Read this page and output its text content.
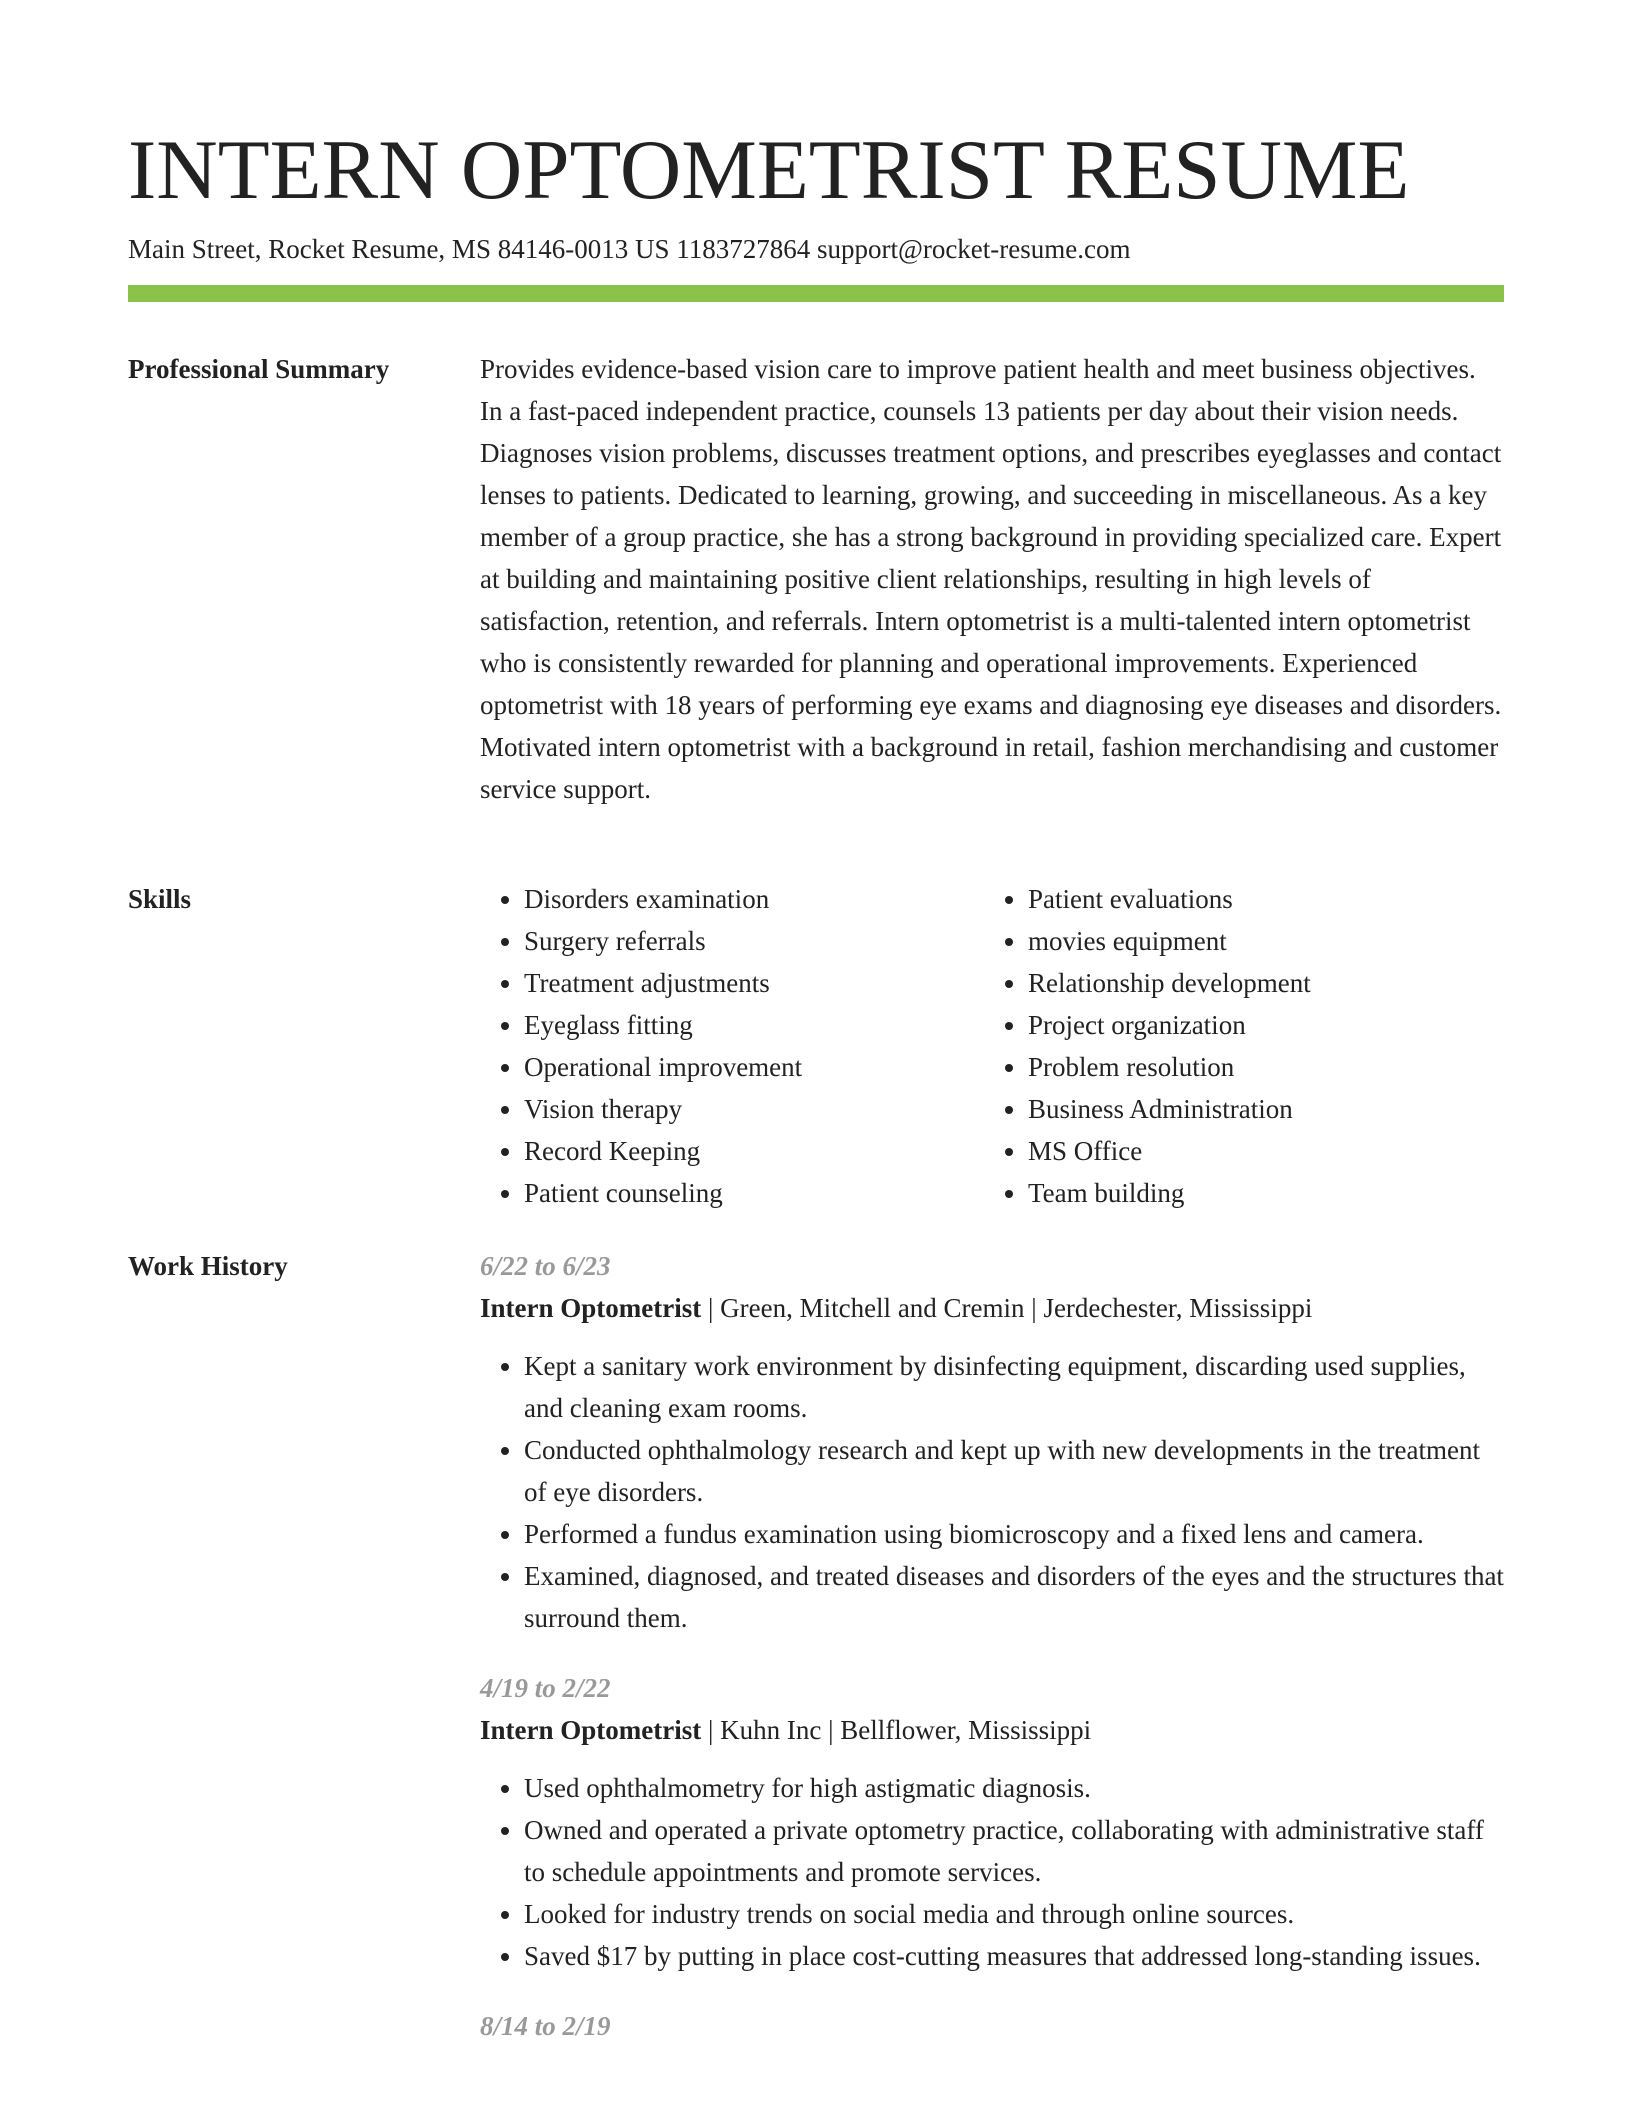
INTERN OPTOMETRIST RESUME
Main Street, Rocket Resume, MS 84146-0013 US 1183727864 support@rocket-resume.com
Professional Summary	Provides evidence-based vision care to improve patient health and meet business objectives. In a fast-paced independent practice, counsels 13 patients per day about their vision needs. Diagnoses vision problems, discusses treatment options, and prescribes eyeglasses and contact lenses to patients. Dedicated to learning, growing, and succeeding in miscellaneous. As a key member of a group practice, she has a strong background in providing specialized care. Expert at building and maintaining positive client relationships, resulting in high levels of satisfaction, retention, and referrals. Intern optometrist is a multi-talented intern optometrist who is consistently rewarded for planning and operational improvements. Experienced optometrist with 18 years of performing eye exams and diagnosing eye diseases and disorders. Motivated intern optometrist with a background in retail, fashion merchandising and customer service support.

Skills
•	Disorders examination
• Surgery referrals
• Treatment adjustments
• Eyeglass fitting
• Operational improvement
• Vision therapy
• Record Keeping
• Patient counseling
• Patient evaluations
• movies equipment
• Relationship development
• Project organization
• Problem resolution
• Business Administration
• MS Office
• Team building
Work History	6/22 to 6/23
Intern Optometrist | Green, Mitchell and Cremin | Jerdechester, Mississippi
• Kept a sanitary work environment by disinfecting equipment, discarding used supplies, and cleaning exam rooms.
• Conducted ophthalmology research and kept up with new developments in the treatment of eye disorders.
• Performed a fundus examination using biomicroscopy and a fixed lens and camera.
• Examined, diagnosed, and treated diseases and disorders of the eyes and the structures that surround them.
4/19 to 2/22
Intern Optometrist | Kuhn Inc | Bellflower, Mississippi
• Used ophthalmometry for high astigmatic diagnosis.
• Owned and operated a private optometry practice, collaborating with administrative staff to schedule appointments and promote services.
• Looked for industry trends on social media and through online sources.
• Saved $17 by putting in place cost-cutting measures that addressed long-standing issues.
8/14 to 2/19
